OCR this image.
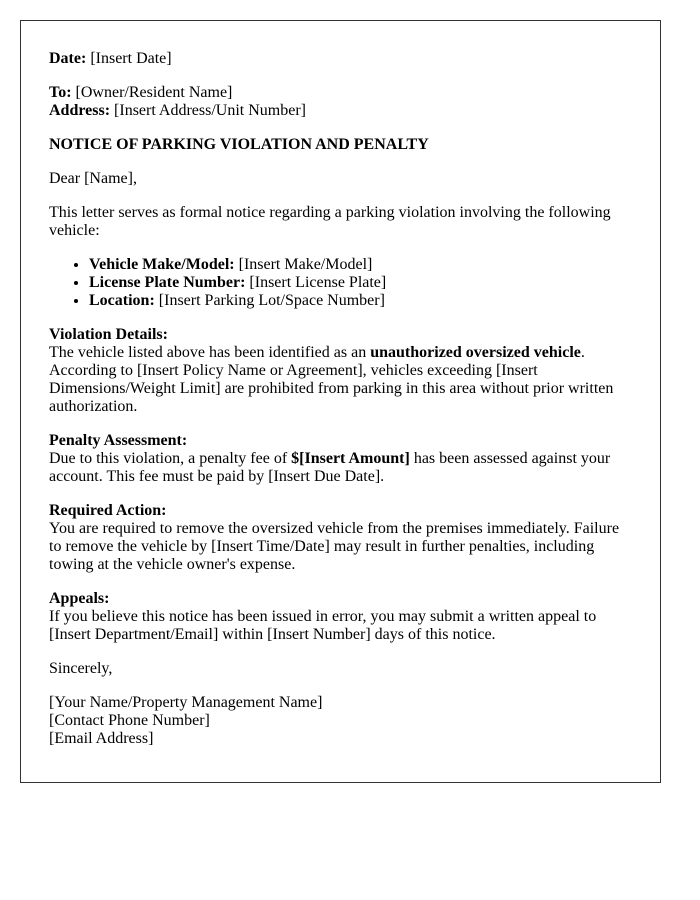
Date: [Insert Date]

To: [Owner/Resident Name]
Address: [Insert Address/Unit Number]

NOTICE OF PARKING VIOLATION AND PENALTY

Dear [Name],

This letter serves as formal notice regarding a parking violation involving the following vehicle:

• Vehicle Make/Model: [Insert Make/Model]
• License Plate Number: [Insert License Plate]
• Location: [Insert Parking Lot/Space Number]

Violation Details:
The vehicle listed above has been identified as an unauthorized oversized vehicle. According to [Insert Policy Name or Agreement], vehicles exceeding [Insert Dimensions/Weight Limit] are prohibited from parking in this area without prior written authorization.

Penalty Assessment:
Due to this violation, a penalty fee of $[Insert Amount] has been assessed against your account. This fee must be paid by [Insert Due Date].

Required Action:
You are required to remove the oversized vehicle from the premises immediately. Failure to remove the vehicle by [Insert Time/Date] may result in further penalties, including towing at the vehicle owner's expense.

Appeals:
If you believe this notice has been issued in error, you may submit a written appeal to [Insert Department/Email] within [Insert Number] days of this notice.

Sincerely,

[Your Name/Property Management Name]
[Contact Phone Number]
[Email Address]
